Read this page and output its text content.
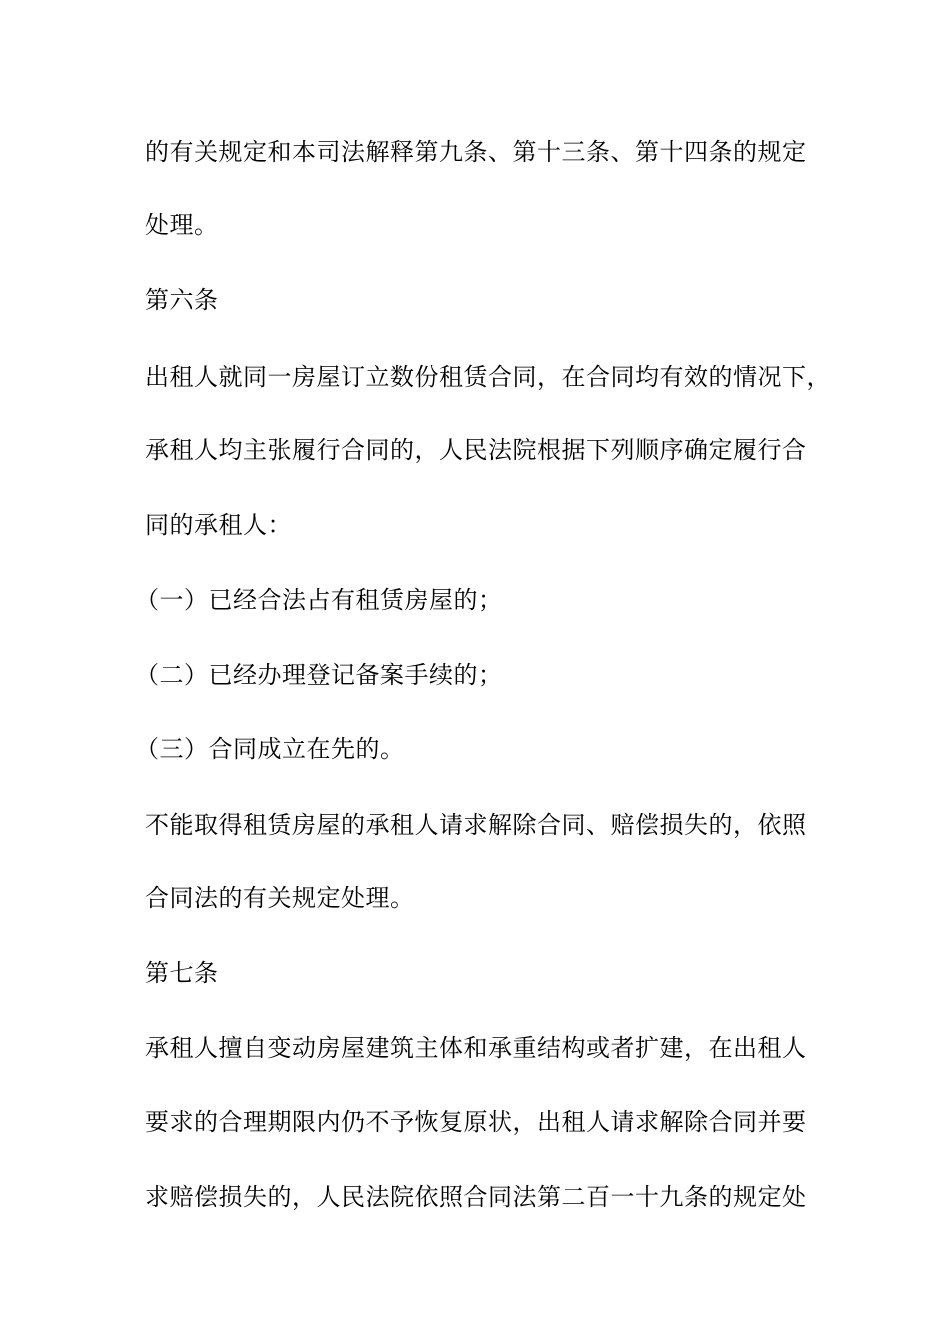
的有关规定和本司法解释第九条、第十三条、第十四条的规定
处理。
第六条
出租人就同一房屋订立数份租赁合同，在合同均有效的情况下，
承租人均主张履行合同的，人民法院根据下列顺序确定履行合
同的承租人：
（一）已经合法占有租赁房屋的；
（二）已经办理登记备案手续的；
（三）合同成立在先的。
不能取得租赁房屋的承租人请求解除合同、赔偿损失的，依照
合同法的有关规定处理。
第七条
承租人擅自变动房屋建筑主体和承重结构或者扩建，在出租人
要求的合理期限内仍不予恢复原状，出租人请求解除合同并要
求赔偿损失的，人民法院依照合同法第二百一十九条的规定处
